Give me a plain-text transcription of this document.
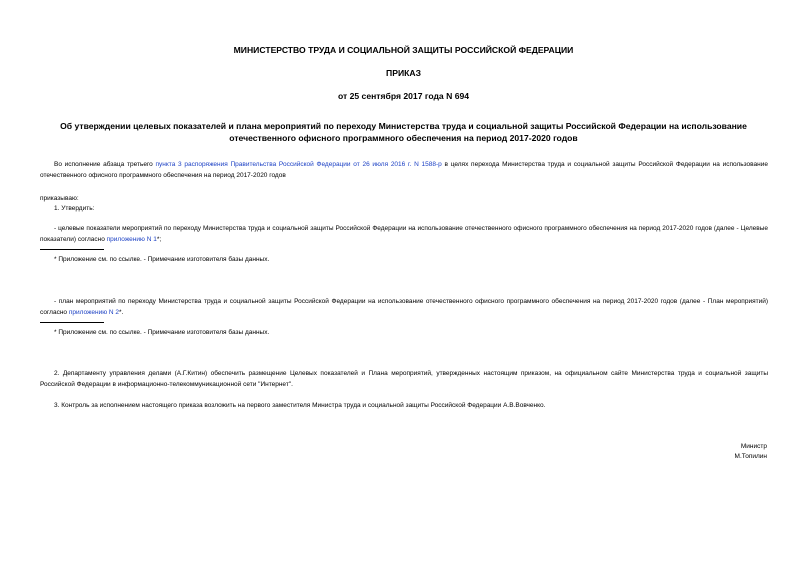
МИНИСТЕРСТВО ТРУДА И СОЦИАЛЬНОЙ ЗАЩИТЫ РОССИЙСКОЙ ФЕДЕРАЦИИ

ПРИКАЗ

от 25 сентября 2017 года N 694

Об утверждении целевых показателей и плана мероприятий по переходу Министерства труда и социальной защиты Российской Федерации на использование отечественного офисного программного обеспечения на период 2017-2020 годов

Во исполнение абзаца третьего пункта 3 распоряжения Правительства Российской Федерации от 26 июля 2016 г. N 1588-р в целях перехода Министерства труда и социальной защиты Российской Федерации на использование отечественного офисного программного обеспечения на период 2017-2020 годов

приказываю:

1. Утвердить:

- целевые показатели мероприятий по переходу Министерства труда и социальной защиты Российской Федерации на использование отечественного офисного программного обеспечения на период 2017-2020 годов (далее - Целевые показатели) согласно приложению N 1*;

* Приложение см. по ссылке. - Примечание изготовителя базы данных.

- план мероприятий по переходу Министерства труда и социальной защиты Российской Федерации на использование отечественного офисного программного обеспечения на период 2017-2020 годов (далее - План мероприятий) согласно приложению N 2*.

* Приложение см. по ссылке. - Примечание изготовителя базы данных.

2. Департаменту управления делами (А.Г.Китин) обеспечить размещение Целевых показателей и Плана мероприятий, утвержденных настоящим приказом, на официальном сайте Министерства труда и социальной защиты Российской Федерации в информационно-телекоммуникационной сети "Интернет".

3. Контроль за исполнением настоящего приказа возложить на первого заместителя Министра труда и социальной защиты Российской Федерации А.В.Вовченко.

Министр

М.Топилин
